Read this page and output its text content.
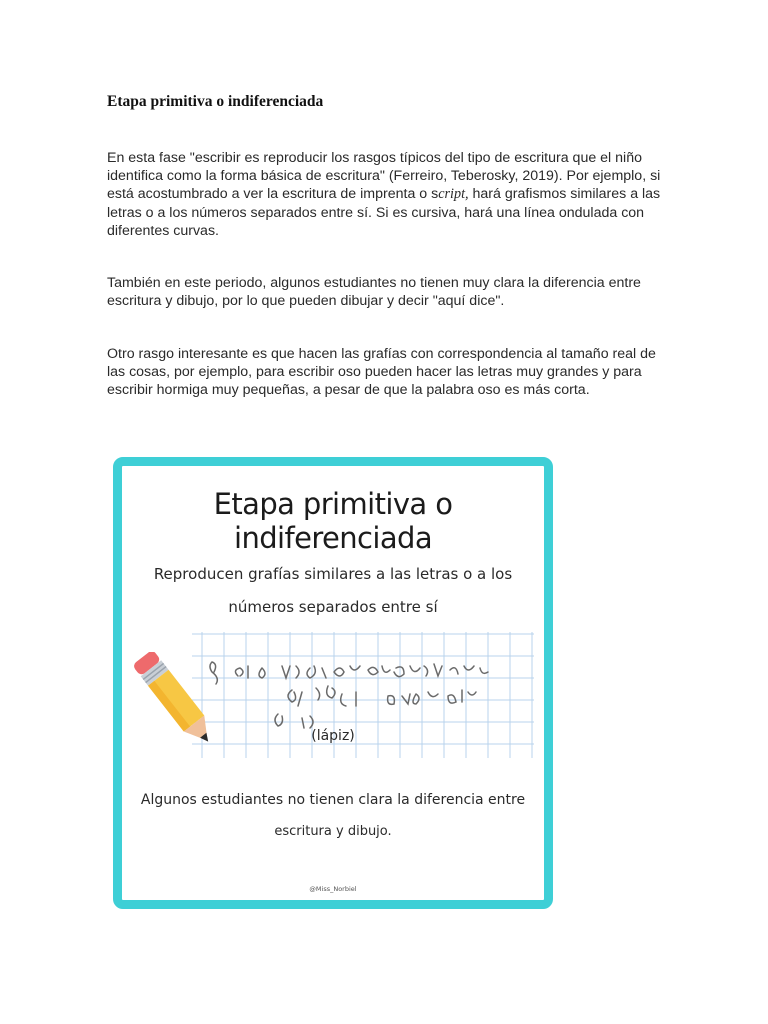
Etapa primitiva o indiferenciada

En esta fase "escribir es reproducir los rasgos típicos del tipo de escritura que el niño identifica como la forma básica de escritura" (Ferreiro, Teberosky, 2019). Por ejemplo, si está acostumbrado a ver la escritura de imprenta o script, hará grafismos similares a las letras o a los números separados entre sí. Si es cursiva, hará una línea ondulada con diferentes curvas.

También en este periodo, algunos estudiantes no tienen muy clara la diferencia entre escritura y dibujo, por lo que pueden dibujar y decir "aquí dice".

Otro rasgo interesante es que hacen las grafías con correspondencia al tamaño real de las cosas, por ejemplo, para escribir oso pueden hacer las letras muy grandes y para escribir hormiga muy pequeñas, a pesar de que la palabra oso es más corta.

Etapa primitiva o indiferenciada

Reproducen grafías similares a las letras o a los

números separados entre sí

(lápiz)

Algunos estudiantes no tienen clara la diferencia entre

escritura y dibujo.

@Miss_Norbiel
